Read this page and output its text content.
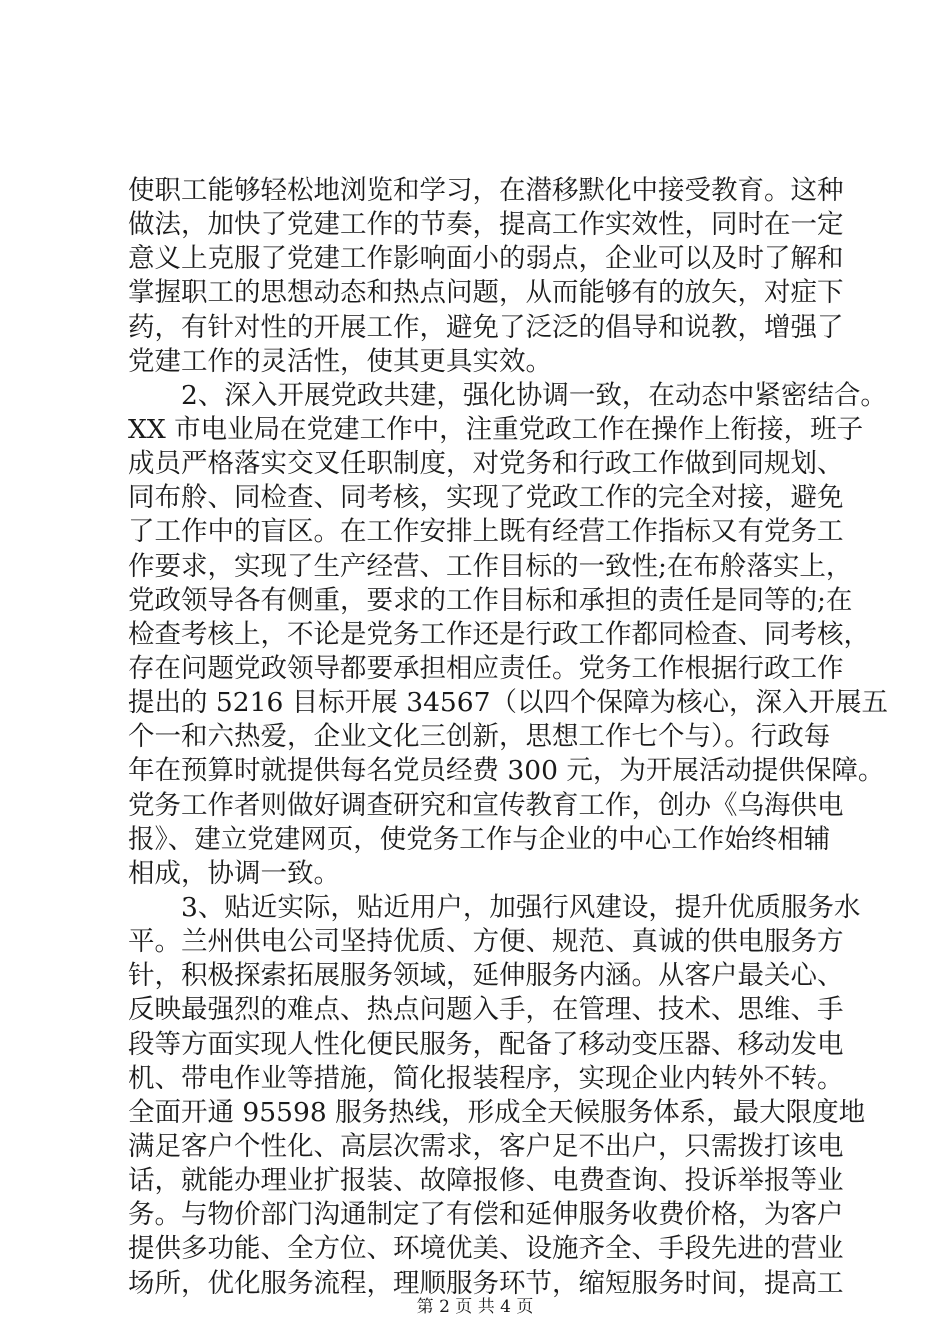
使职工能够轻松地浏览和学习，在潜移默化中接受教育。这种
做法，加快了党建工作的节奏，提高工作实效性，同时在一定
意义上克服了党建工作影响面小的弱点，企业可以及时了解和
掌握职工的思想动态和热点问题，从而能够有的放矢，对症下
药，有针对性的开展工作，避免了泛泛的倡导和说教，增强了
党建工作的灵活性，使其更具实效。
2、深入开展党政共建，强化协调一致，在动态中紧密结合。
XX 市电业局在党建工作中，注重党政工作在操作上衔接，班子
成员严格落实交叉任职制度，对党务和行政工作做到同规划、
同布舲、同检查、同考核，实现了党政工作的完全对接，避免
了工作中的盲区。在工作安排上既有经营工作指标又有党务工
作要求，实现了生产经营、工作目标的一致性;在布舲落实上，
党政领导各有侧重，要求的工作目标和承担的责任是同等的;在
检查考核上，不论是党务工作还是行政工作都同检查、同考核，
存在问题党政领导都要承担相应责任。党务工作根据行政工作
提出的 5216 目标开展 34567（以四个保障为核心，深入开展五
个一和六热爱，企业文化三创新，思想工作七个与）。行政每
年在预算时就提供每名党员经费 300 元，为开展活动提供保障。
党务工作者则做好调查研究和宣传教育工作，创办《乌海供电
报》、建立党建网页，使党务工作与企业的中心工作始终相辅
相成，协调一致。
3、贴近实际，贴近用户，加强行风建设，提升优质服务水
平。兰州供电公司坚持优质、方便、规范、真诚的供电服务方
针，积极探索拓展服务领域，延伸服务内涵。从客户最关心、
反映最强烈的难点、热点问题入手，在管理、技术、思维、手
段等方面实现人性化便民服务，配备了移动变压器、移动发电
机、带电作业等措施，简化报装程序，实现企业内转外不转。
全面开通 95598 服务热线，形成全天候服务体系，最大限度地
满足客户个性化、高层次需求，客户足不出户，只需拨打该电
话，就能办理业扩报装、故障报修、电费查询、投诉举报等业
务。与物价部门沟通制定了有偿和延伸服务收费价格，为客户
提供多功能、全方位、环境优美、设施齐全、手段先进的营业
场所，优化服务流程，理顺服务环节，缩短服务时间，提高工
第 2 页 共 4 页
